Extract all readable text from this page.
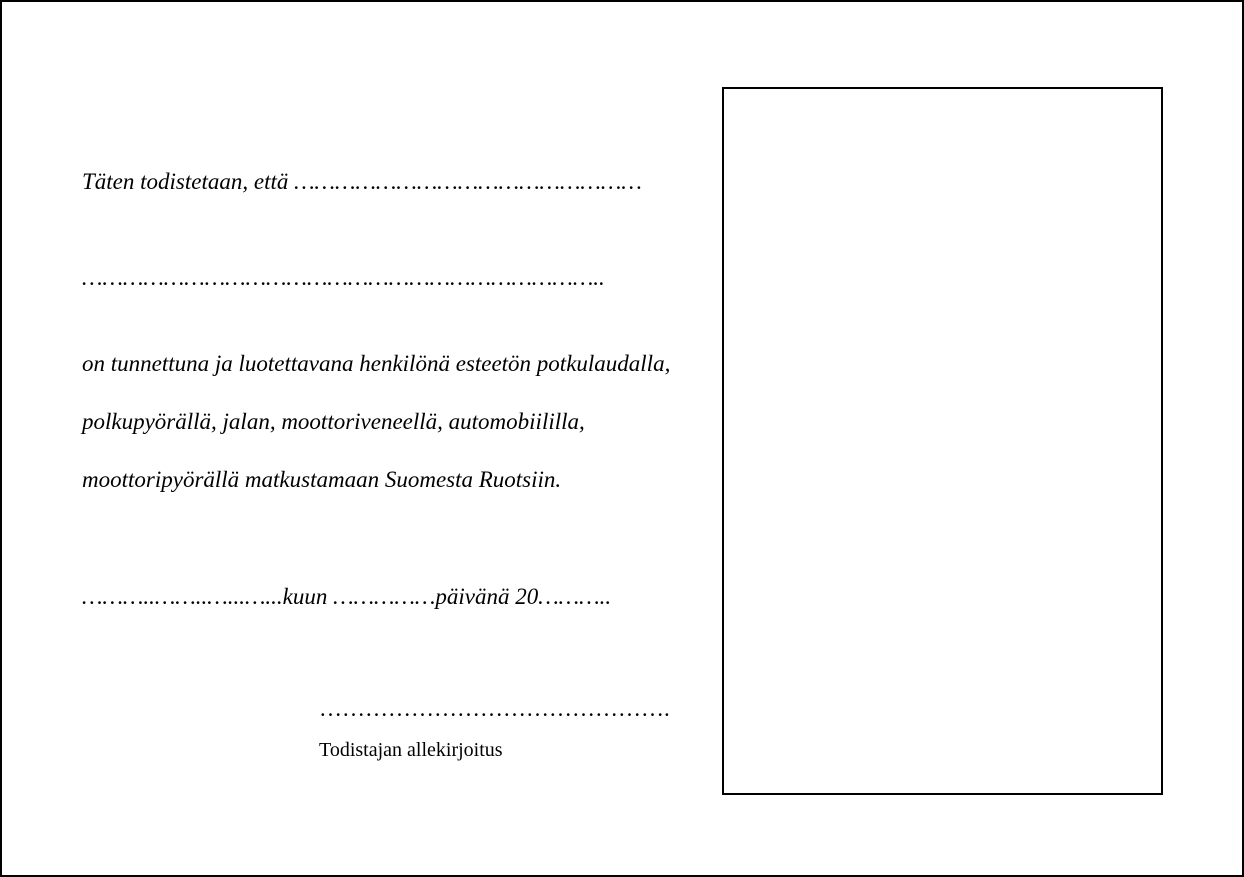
Täten todistetaan, että ……………………………………………
…………………………………………………………………..
on tunnettuna ja luotettavana henkilönä esteetön potkulaudalla,
polkupyörällä, jalan, moottoriveneellä, automobiililla,
moottoripyörällä matkustamaan Suomesta Ruotsiin.
………..……..…...…...kuun ……………päivänä 20………..
……………………………………….
Todistajan allekirjoitus
